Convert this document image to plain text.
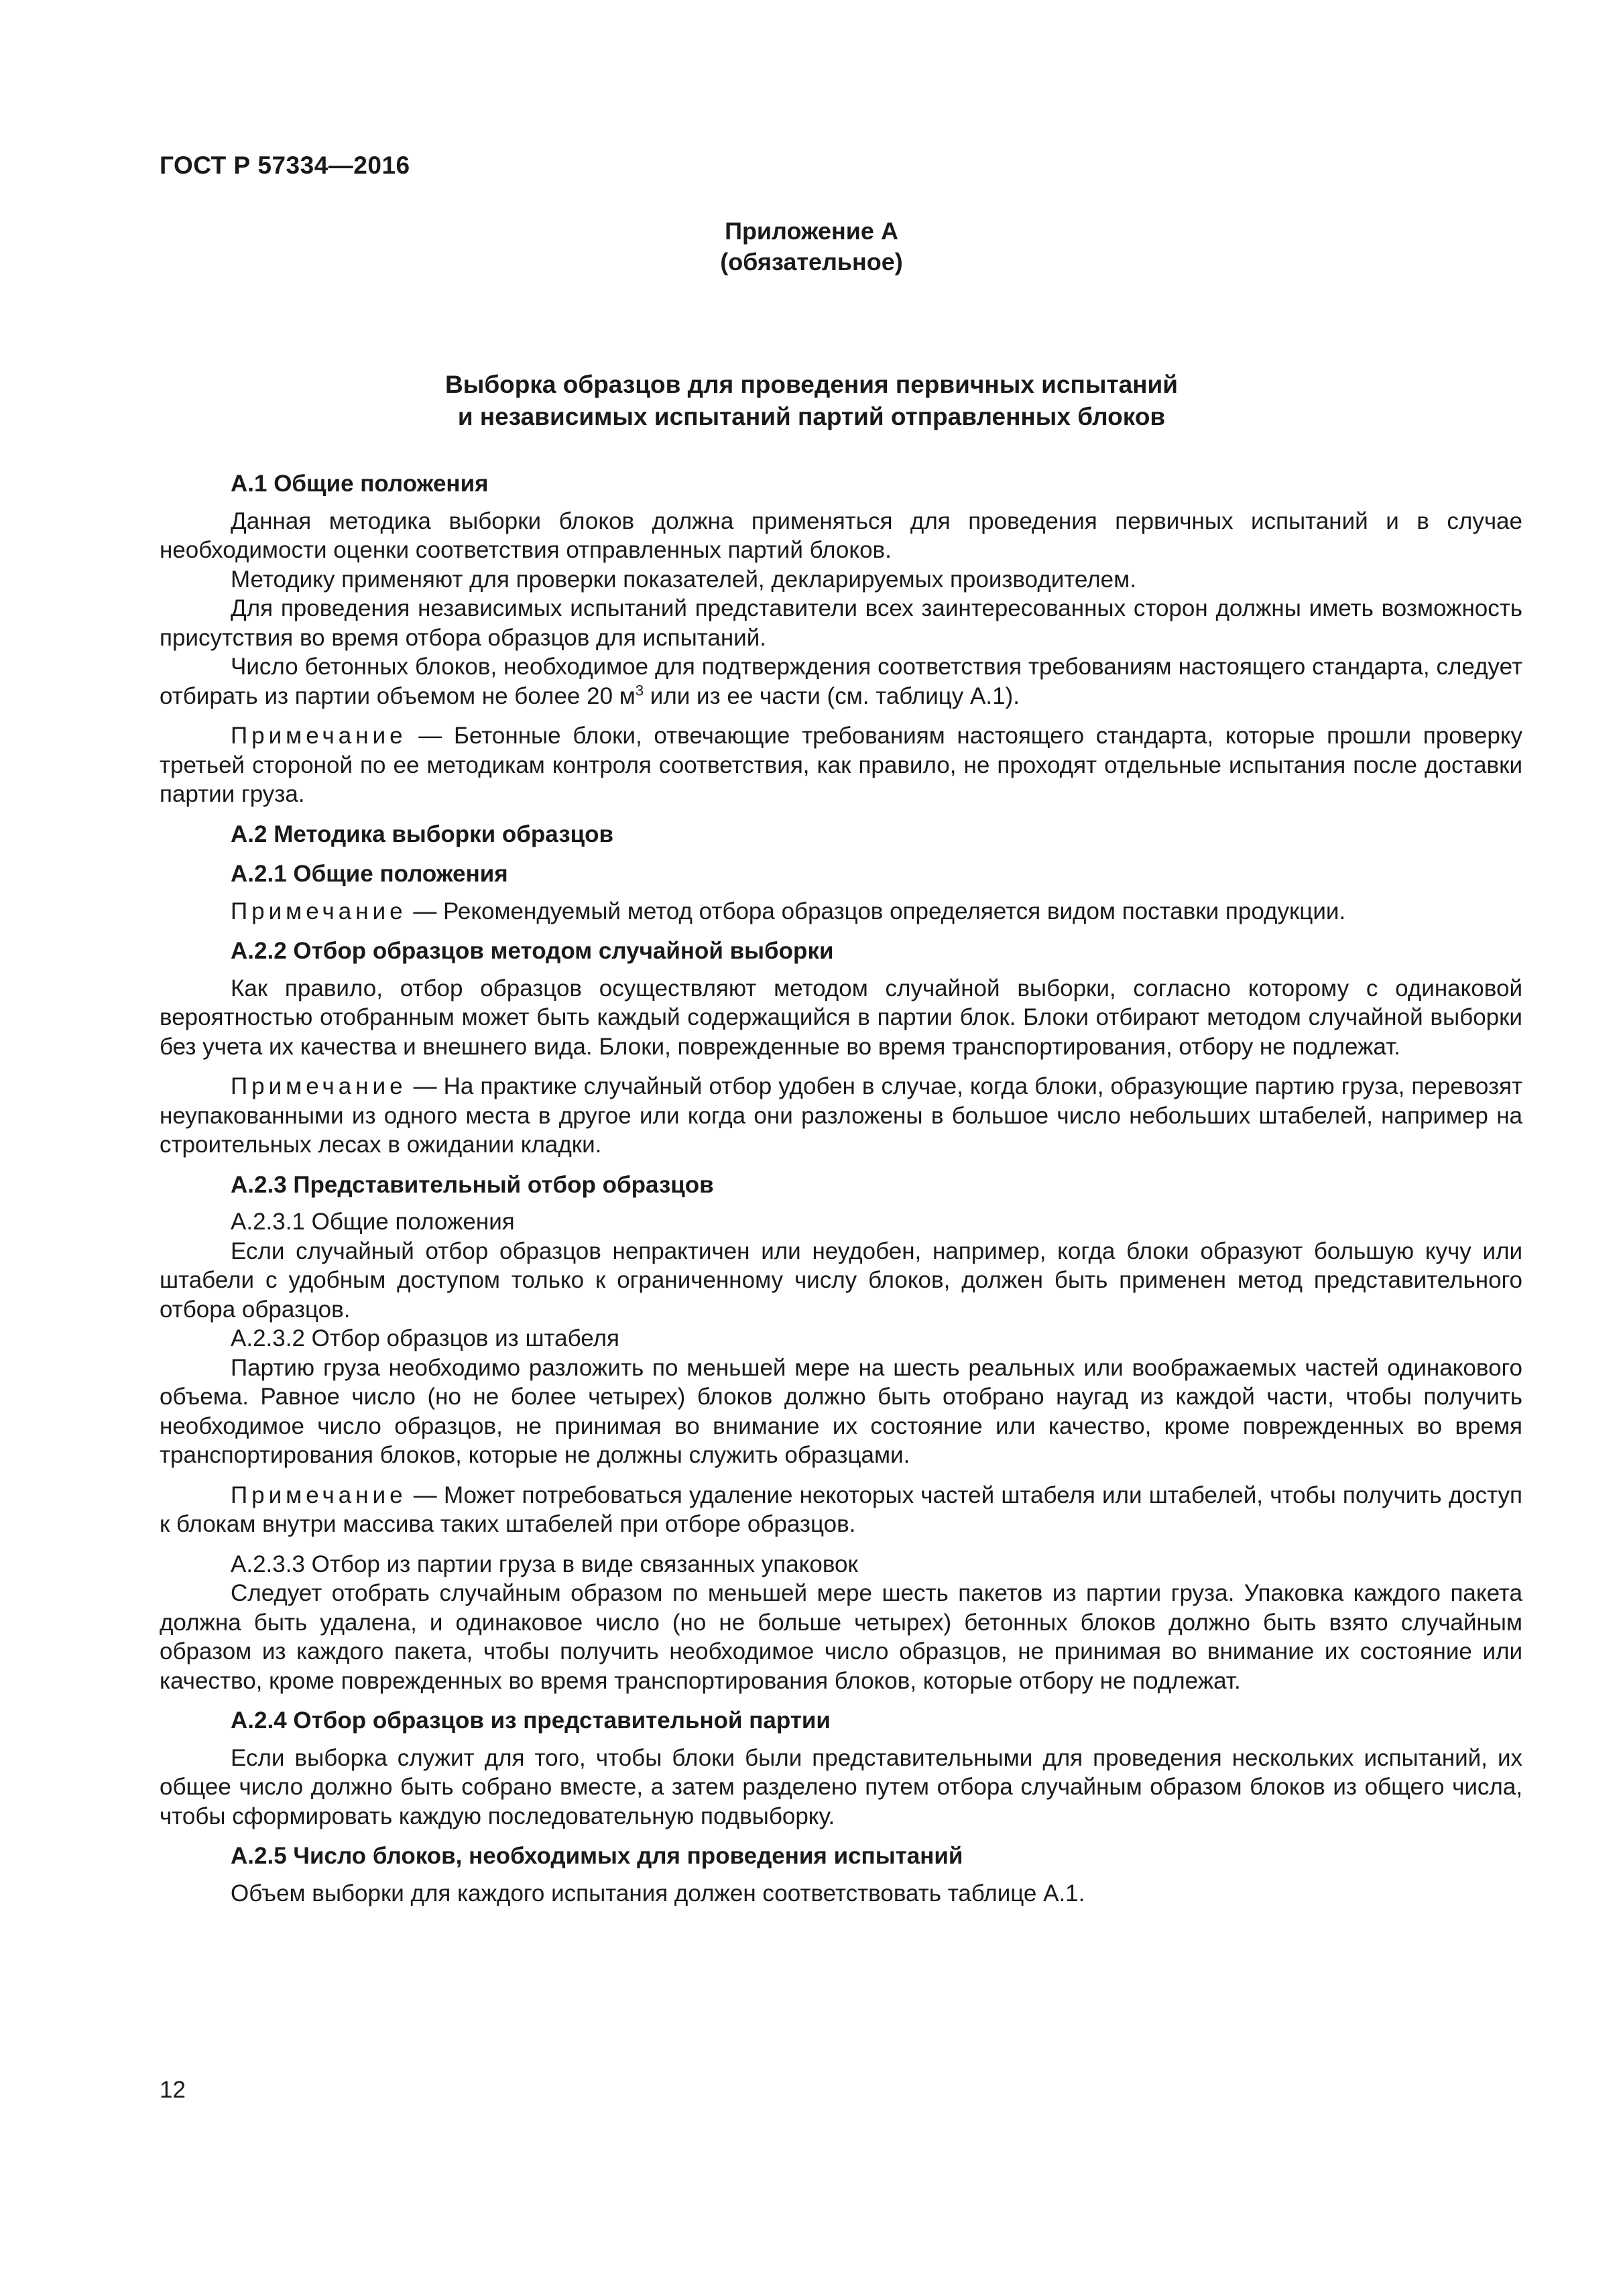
ГОСТ Р 57334—2016
Приложение А
(обязательное)
Выборка образцов для проведения первичных испытаний
и независимых испытаний партий отправленных блоков

А.1 Общие положения

Данная методика выборки блоков должна применяться для проведения первичных испытаний и в случае необходимости оценки соответствия отправленных партий блоков.

Методику применяют для проверки показателей, декларируемых производителем.

Для проведения независимых испытаний представители всех заинтересованных сторон должны иметь возможность присутствия во время отбора образцов для испытаний.

Число бетонных блоков, необходимое для подтверждения соответствия требованиям настоящего стандарта, следует отбирать из партии объемом не более 20 $м^3$ или из ее части (см. таблицу А.1).

Примечание — Бетонные блоки, отвечающие требованиям настоящего стандарта, которые прошли проверку третьей стороной по ее методикам контроля соответствия, как правило, не проходят отдельные испытания после доставки партии груза.

А.2 Методика выборки образцов

А.2.1 Общие положения

Примечание — Рекомендуемый метод отбора образцов определяется видом поставки продукции.

А.2.2 Отбор образцов методом случайной выборки

Как правило, отбор образцов осуществляют методом случайной выборки, согласно которому с одинаковой вероятностью отобранным может быть каждый содержащийся в партии блок. Блоки отбирают методом случайной выборки без учета их качества и внешнего вида. Блоки, поврежденные во время транспортирования, отбору не подлежат.

Примечание — На практике случайный отбор удобен в случае, когда блоки, образующие партию груза, перевозят неупакованными из одного места в другое или когда они разложены в большое число небольших штабелей, например на строительных лесах в ожидании кладки.

А.2.3 Представительный отбор образцов

А.2.3.1 Общие положения

Если случайный отбор образцов непрактичен или неудобен, например, когда блоки образуют большую кучу или штабели с удобным доступом только к ограниченному числу блоков, должен быть применен метод представительного отбора образцов.

А.2.3.2 Отбор образцов из штабеля

Партию груза необходимо разложить по меньшей мере на шесть реальных или воображаемых частей одинакового объема. Равное число (но не более четырех) блоков должно быть отобрано наугад из каждой части, чтобы получить необходимое число образцов, не принимая во внимание их состояние или качество, кроме поврежденных во время транспортирования блоков, которые не должны служить образцами.

Примечание — Может потребоваться удаление некоторых частей штабеля или штабелей, чтобы получить доступ к блокам внутри массива таких штабелей при отборе образцов.

А.2.3.3 Отбор из партии груза в виде связанных упаковок

Следует отобрать случайным образом по меньшей мере шесть пакетов из партии груза. Упаковка каждого пакета должна быть удалена, и одинаковое число (но не больше четырех) бетонных блоков должно быть взято случайным образом из каждого пакета, чтобы получить необходимое число образцов, не принимая во внимание их состояние или качество, кроме поврежденных во время транспортирования блоков, которые отбору не подлежат.

А.2.4 Отбор образцов из представительной партии

Если выборка служит для того, чтобы блоки были представительными для проведения нескольких испытаний, их общее число должно быть собрано вместе, а затем разделено путем отбора случайным образом блоков из общего числа, чтобы сформировать каждую последовательную подвыборку.

А.2.5 Число блоков, необходимых для проведения испытаний

Объем выборки для каждого испытания должен соответствовать таблице А.1.

12
